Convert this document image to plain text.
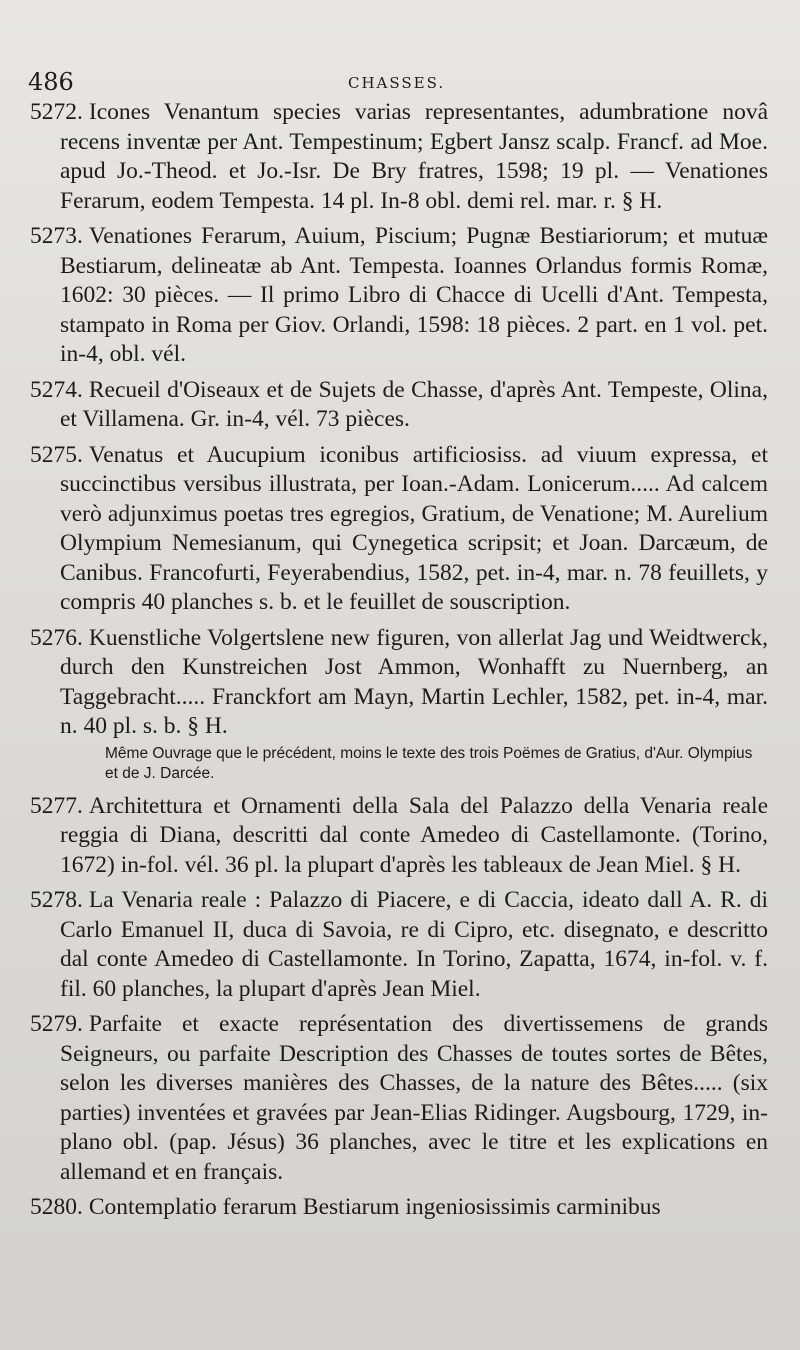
486	CHASSES.
5272. Icones Venantum species varias representantes, adumbratione novâ recens inventæ per Ant. Tempestinum; Egbert Jansz scalp. Francf. ad Moe. apud Jo.-Theod. et Jo.-Isr. De Bry fratres, 1598; 19 pl. — Venationes Ferarum, eodem Tempesta. 14 pl. In-8 obl. demi rel. mar. r. § H.
5273. Venationes Ferarum, Auium, Piscium; Pugnæ Bestiariorum; et mutuæ Bestiarum, delineatæ ab Ant. Tempesta. Ioannes Orlandus formis Romæ, 1602: 30 pièces. — Il primo Libro di Chacce di Ucelli d'Ant. Tempesta, stampato in Roma per Giov. Orlandi, 1598: 18 pièces. 2 part. en 1 vol. pet. in-4, obl. vél.
5274. Recueil d'Oiseaux et de Sujets de Chasse, d'après Ant. Tempeste, Olina, et Villamena. Gr. in-4, vél. 73 pièces.
5275. Venatus et Aucupium iconibus artificiosiss. ad viuum expressa, et succinctibus versibus illustrata, per Ioan.-Adam. Lonicerum..... Ad calcem verò adjunximus poetas tres egregios, Gratium, de Venatione; M. Aurelium Olympium Nemesianum, qui Cynegetica scripsit; et Joan. Darcæum, de Canibus. Francofurti, Feyerabendius, 1582, pet. in-4, mar. n. 78 feuillets, y compris 40 planches s. b. et le feuillet de souscription.
5276. Kuenstliche Volgertslene new figuren, von allerlat Jag und Weidtwerck, durch den Kunstreichen Jost Ammon, Wonhafft zu Nuernberg, an Taggebracht..... Franckfort am Mayn, Martin Lechler, 1582, pet. in-4, mar. n. 40 pl. s. b. § H.
Même Ouvrage que le précédent, moins le texte des trois Poëmes de Gratius, d'Aur. Olympius et de J. Darcée.
5277. Architettura et Ornamenti della Sala del Palazzo della Venaria reale reggia di Diana, descritti dal conte Amedeo di Castellamonte. (Torino, 1672) in-fol. vél. 36 pl. la plupart d'après les tableaux de Jean Miel. § H.
5278. La Venaria reale : Palazzo di Piacere, e di Caccia, ideato dall A. R. di Carlo Emanuel II, duca di Savoia, re di Cipro, etc. disegnato, e descritto dal conte Amedeo di Castellamonte. In Torino, Zapatta, 1674, in-fol. v. f. fil. 60 planches, la plupart d'après Jean Miel.
5279. Parfaite et exacte représentation des divertissemens de grands Seigneurs, ou parfaite Description des Chasses de toutes sortes de Bêtes, selon les diverses manières des Chasses, de la nature des Bêtes..... (six parties) inventées et gravées par Jean-Elias Ridinger. Augsbourg, 1729, in-plano obl. (pap. Jésus) 36 planches, avec le titre et les explications en allemand et en français.
5280. Contemplatio ferarum Bestiarum ingeniosissimis carminibus
